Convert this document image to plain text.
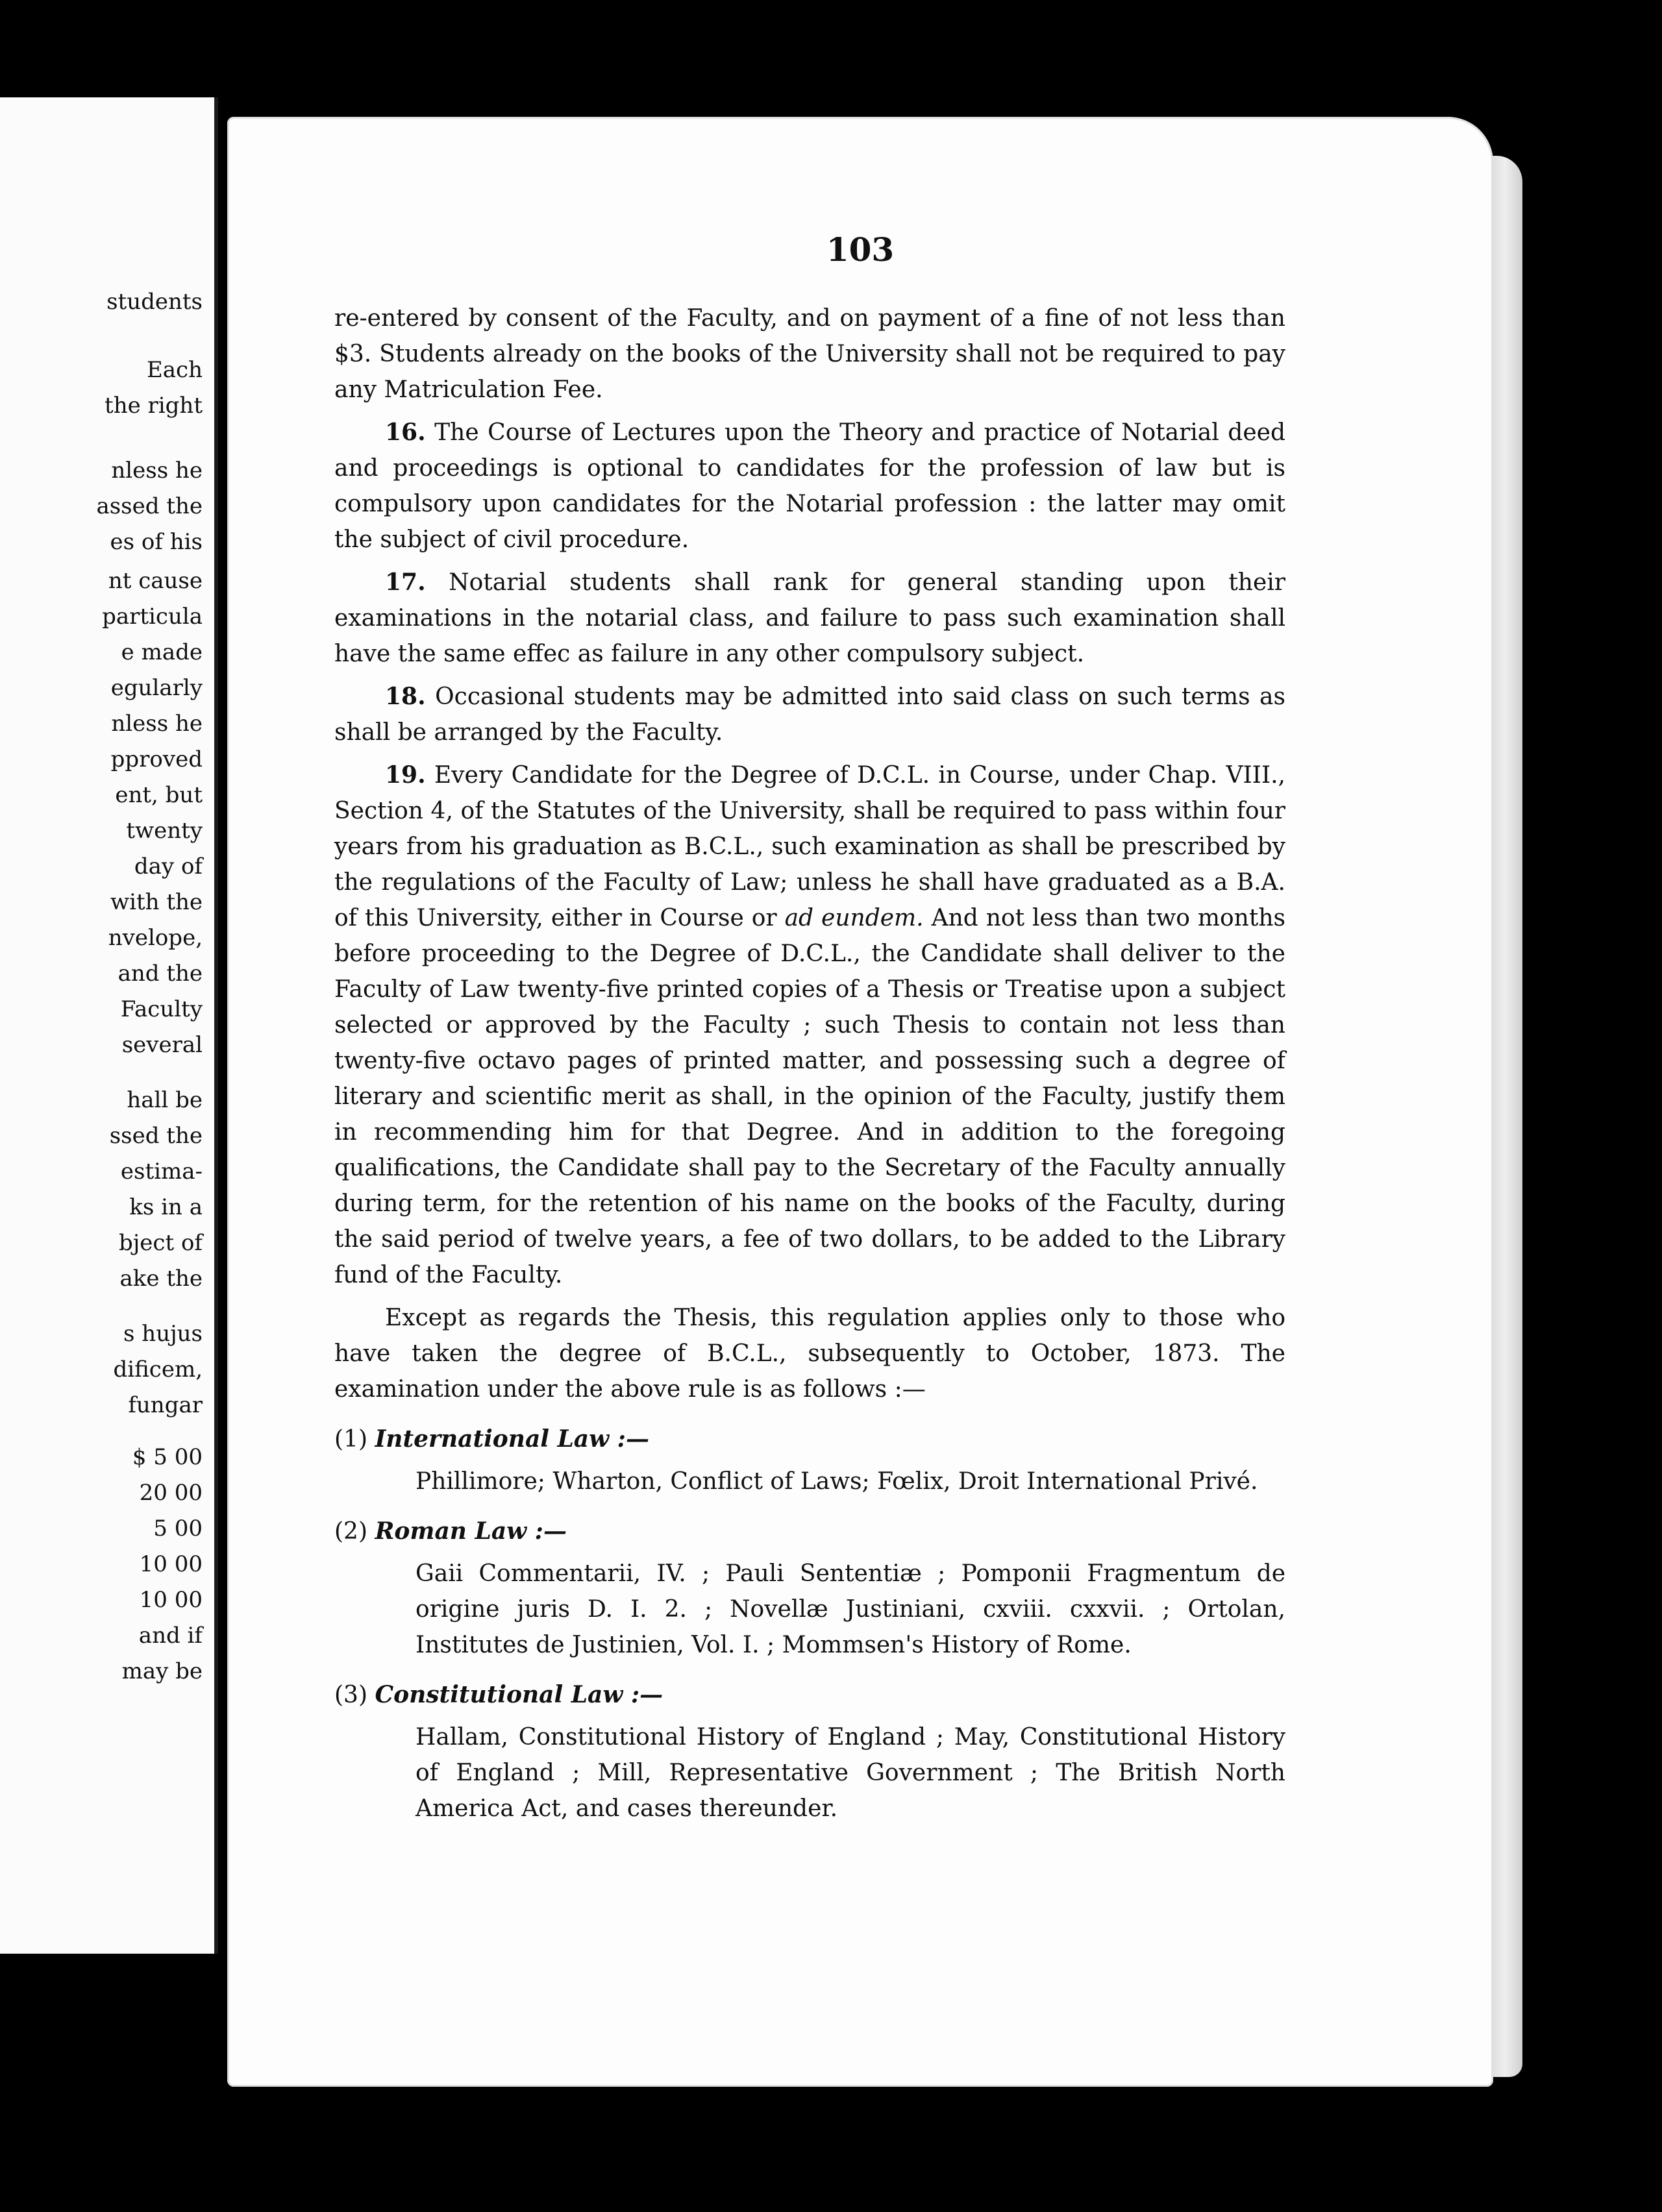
students
Each
the right
nless he
assed the
es of his
nt cause
particula
e made
egularly
nless he
pproved
ent, but
twenty
day of
with the
nvelope,
and the
Faculty
several
hall be
ssed the
estima-
ks in a
bject of
ake the
s hujus
dificem,
fungar
$ 5 00
20 00
5 00
10 00
10 00
and if
may be
103

re-entered by consent of the Faculty, and on payment of a fine of not less than $3. Students already on the books of the University shall not be required to pay any Matriculation Fee.

16. The Course of Lectures upon the Theory and practice of Notarial deed and proceedings is optional to candidates for the profession of law but is compulsory upon candidates for the Notarial profession : the latter may omit the subject of civil procedure.

17. Notarial students shall rank for general standing upon their examinations in the notarial class, and failure to pass such examination shall have the same effec as failure in any other compulsory subject.

18. Occasional students may be admitted into said class on such terms as shall be arranged by the Faculty.

19. Every Candidate for the Degree of D.C.L. in Course, under Chap. VIII., Section 4, of the Statutes of the University, shall be required to pass within four years from his graduation as B.C.L., such examination as shall be prescribed by the regulations of the Faculty of Law; unless he shall have graduated as a B.A. of this University, either in Course or ad eundem. And not less than two months before proceeding to the Degree of D.C.L., the Candidate shall deliver to the Faculty of Law twenty-five printed copies of a Thesis or Treatise upon a subject selected or approved by the Faculty ; such Thesis to contain not less than twenty-five octavo pages of printed matter, and possessing such a degree of literary and scientific merit as shall, in the opinion of the Faculty, justify them in recommending him for that Degree. And in addition to the foregoing qualifications, the Candidate shall pay to the Secretary of the Faculty annually during term, for the retention of his name on the books of the Faculty, during the said period of twelve years, a fee of two dollars, to be added to the Library fund of the Faculty.

Except as regards the Thesis, this regulation applies only to those who have taken the degree of B.C.L., subsequently to October, 1873. The examination under the above rule is as follows :—

(1) International Law :—

Phillimore; Wharton, Conflict of Laws; Fœlix, Droit International Privé.

(2) Roman Law :—

Gaii Commentarii, IV. ; Pauli Sententiæ ; Pomponii Fragmentum de origine juris D. I. 2. ; Novellæ Justiniani, cxviii. cxxvii. ; Ortolan, Institutes de Justinien, Vol. I. ; Mommsen's History of Rome.

(3) Constitutional Law :—

Hallam, Constitutional History of England ; May, Constitutional History of England ; Mill, Representative Government ; The British North America Act, and cases thereunder.
